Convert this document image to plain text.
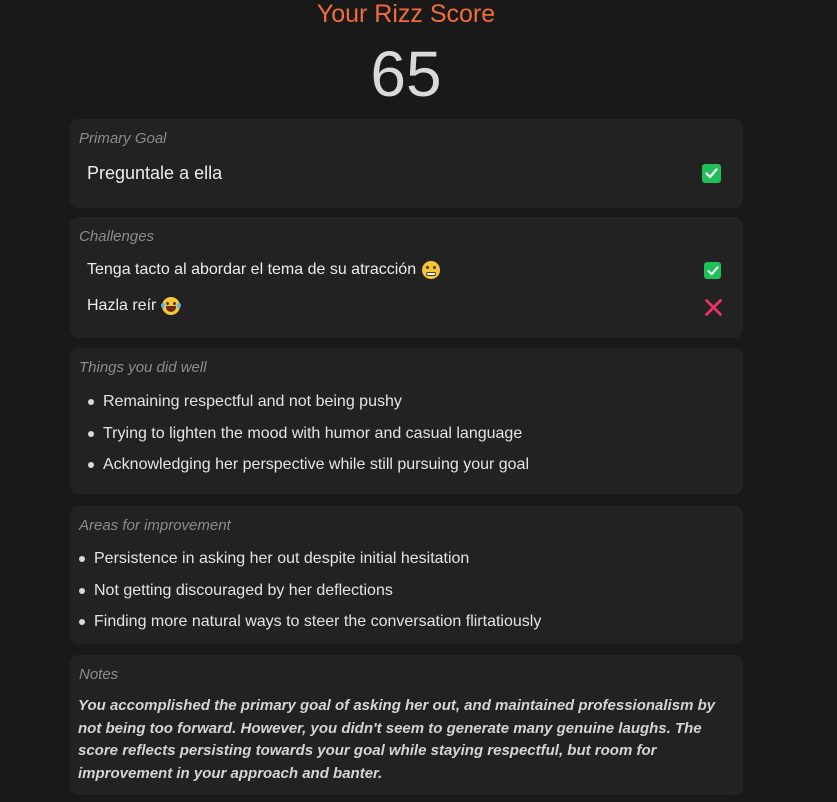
Your Rizz Score
65
Primary Goal
Preguntale a ella
Challenges
Tenga tacto al abordar el tema de su atracción
Hazla reír
Things you did well
Remaining respectful and not being pushy
Trying to lighten the mood with humor and casual language
Acknowledging her perspective while still pursuing your goal
Areas for improvement
Persistence in asking her out despite initial hesitation
Not getting discouraged by her deflections
Finding more natural ways to steer the conversation flirtatiously
Notes
You accomplished the primary goal of asking her out, and maintained professionalism by not being too forward. However, you didn't seem to generate many genuine laughs. The score reflects persisting towards your goal while staying respectful, but room for improvement in your approach and banter.
